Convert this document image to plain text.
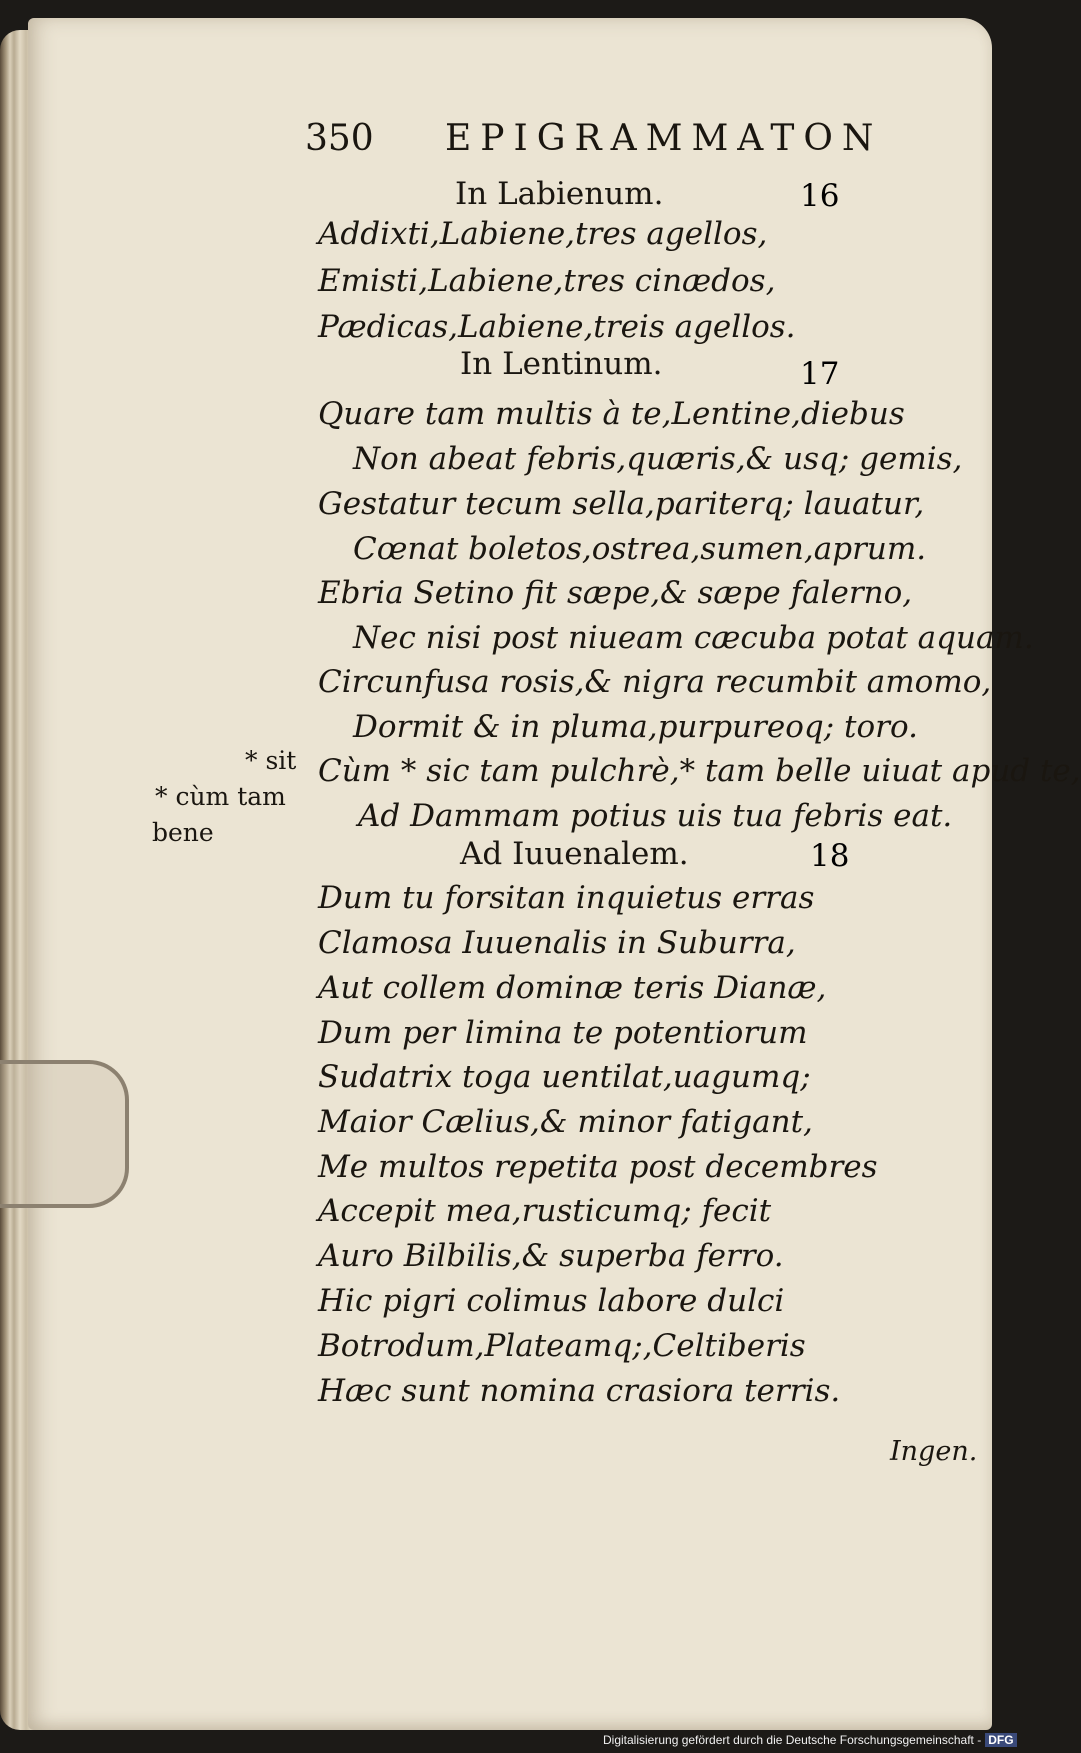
350 EPIGRAMMATON
In Labienum.	16
Addixti,Labiene,tres agellos,
Emisti,Labiene,tres cinædos,
Pædicas,Labiene,treis agellos.
In Lentinum.	17
Quare tam multis à te,Lentine,diebus
Non abeat febris,quæris,& usq; gemis,
Gestatur tecum sella,pariterq; lauatur,
Cœnat boletos,ostrea,sumen,aprum.
Ebria Setino fit sæpe,& sæpe falerno,
Nec nisi post niueam cæcuba potat aquam.
Circunfusa rosis,& nigra recumbit amomo,
Dormit & in pluma,purpureoq; toro.
Cùm * sic tam pulchrè,* tam belle uiuat apud te,
Ad Dammam potius uis tua febris eat.
* sit
* cùm tam
bene
Ad Iuuenalem.	18
Dum tu forsitan inquietus erras
Clamosa Iuuenalis in Suburra,
Aut collem dominæ teris Dianæ,
Dum per limina te potentiorum
Sudatrix toga uentilat,uagumq;
Maior Cælius,& minor fatigant,
Me multos repetita post decembres
Accepit mea,rusticumq; fecit
Auro Bilbilis,& superba ferro.
Hic pigri colimus labore dulci
Botrodum,Plateamq;,Celtiberis
Hæc sunt nomina crasiora terris.
Ingen.
Digitalisierung gefördert durch die Deutsche Forschungsgemeinschaft - DFG
